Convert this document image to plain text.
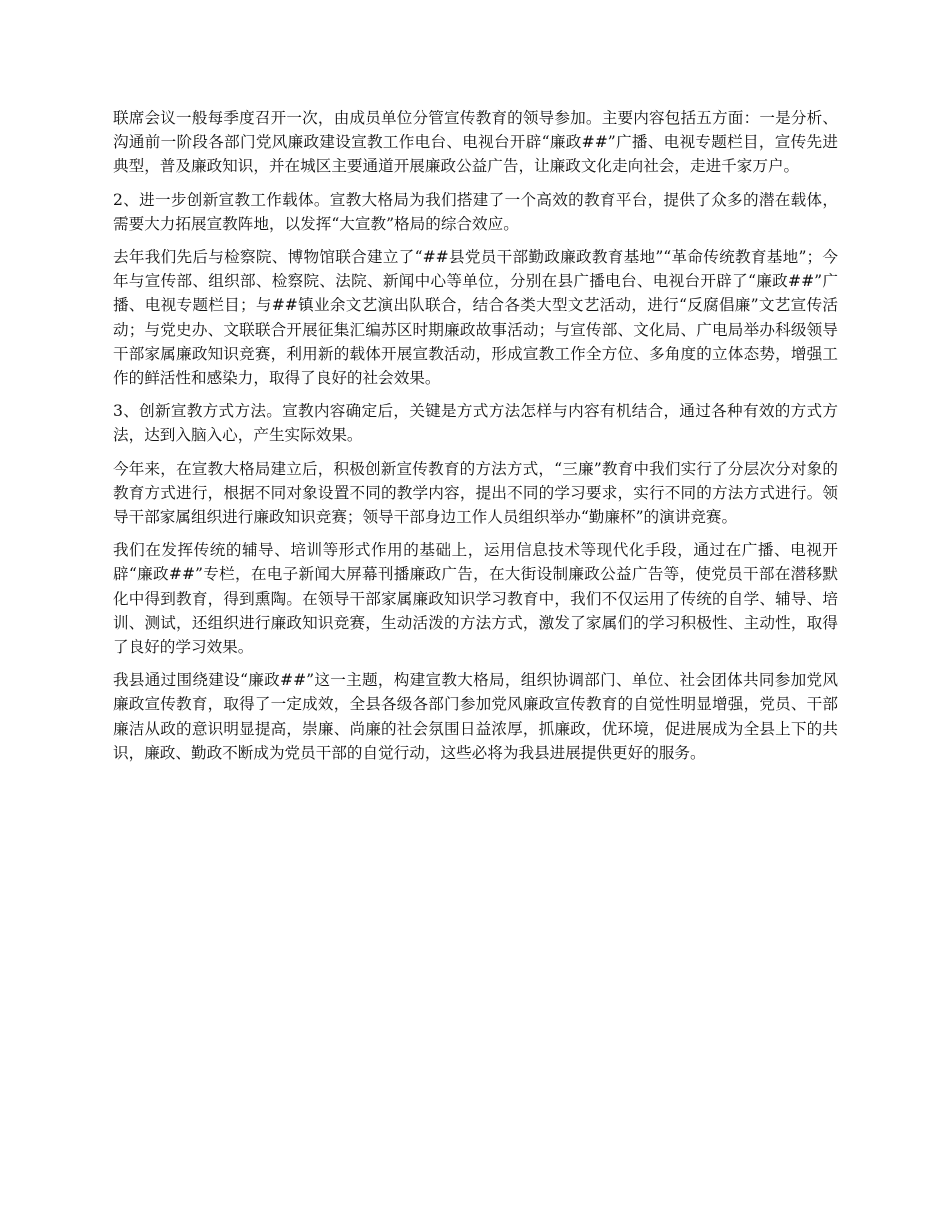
联席会议一般每季度召开一次，由成员单位分管宣传教育的领导参加。主要内容包括五方面：一是分析、沟通前一阶段各部门党风廉政建设宣教工作电台、电视台开辟“廉政##”广播、电视专题栏目，宣传先进典型，普及廉政知识，并在城区主要通道开展廉政公益广告，让廉政文化走向社会，走进千家万户。

2、进一步创新宣教工作载体。宣教大格局为我们搭建了一个高效的教育平台，提供了众多的潜在载体，需要大力拓展宣教阵地，以发挥“大宣教”格局的综合效应。

去年我们先后与检察院、博物馆联合建立了“##县党员干部勤政廉政教育基地”“革命传统教育基地”；今年与宣传部、组织部、检察院、法院、新闻中心等单位，分别在县广播电台、电视台开辟了“廉政##”广播、电视专题栏目；与##镇业余文艺演出队联合，结合各类大型文艺活动，进行“反腐倡廉”文艺宣传活动；与党史办、文联联合开展征集汇编苏区时期廉政故事活动；与宣传部、文化局、广电局举办科级领导干部家属廉政知识竞赛，利用新的载体开展宣教活动，形成宣教工作全方位、多角度的立体态势，增强工作的鲜活性和感染力，取得了良好的社会效果。

3、创新宣教方式方法。宣教内容确定后，关键是方式方法怎样与内容有机结合，通过各种有效的方式方法，达到入脑入心，产生实际效果。

今年来，在宣教大格局建立后，积极创新宣传教育的方法方式，“三廉”教育中我们实行了分层次分对象的教育方式进行，根据不同对象设置不同的教学内容，提出不同的学习要求，实行不同的方法方式进行。领导干部家属组织进行廉政知识竞赛；领导干部身边工作人员组织举办“勤廉杯”的演讲竞赛。

我们在发挥传统的辅导、培训等形式作用的基础上，运用信息技术等现代化手段，通过在广播、电视开辟“廉政##”专栏，在电子新闻大屏幕刊播廉政广告，在大街设制廉政公益广告等，使党员干部在潜移默化中得到教育，得到熏陶。在领导干部家属廉政知识学习教育中，我们不仅运用了传统的自学、辅导、培训、测试，还组织进行廉政知识竞赛，生动活泼的方法方式，激发了家属们的学习积极性、主动性，取得了良好的学习效果。

我县通过围绕建设“廉政##”这一主题，构建宣教大格局，组织协调部门、单位、社会团体共同参加党风廉政宣传教育，取得了一定成效，全县各级各部门参加党风廉政宣传教育的自觉性明显增强，党员、干部廉洁从政的意识明显提高，崇廉、尚廉的社会氛围日益浓厚，抓廉政，优环境，促进展成为全县上下的共识，廉政、勤政不断成为党员干部的自觉行动，这些必将为我县进展提供更好的服务。
